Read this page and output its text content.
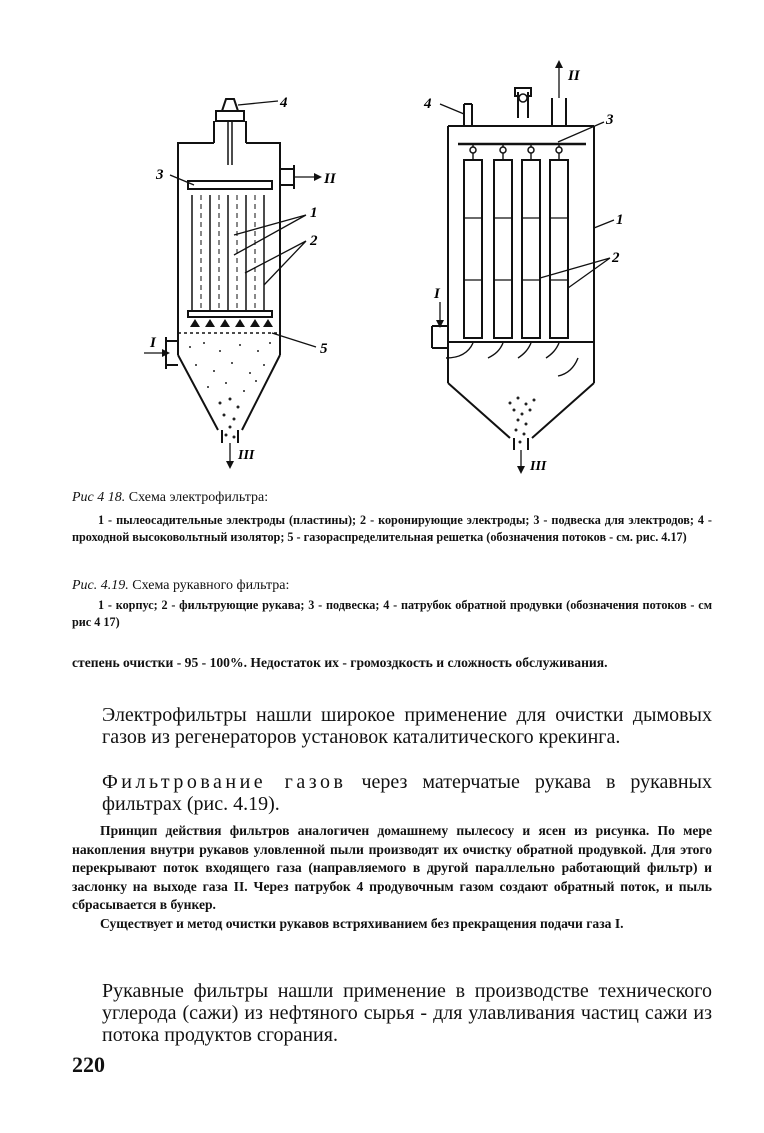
4
3
1
2
5
II
I
III
4
3
1
2
II
I
III
Рис 4 18. Схема электрофильтра:
1 - пылеосадительные электроды (пластины); 2 - коронирующие электроды; 3 - подвеска для электродов; 4 - проходной высоковольтный изолятор; 5 - газораспределительная решетка (обозначения потоков - см. рис. 4.17)
Рис. 4.19. Схема рукавного фильтра:
1 - корпус; 2 - фильтрующие рукава; 3 - подвеска; 4 - патрубок обратной продувки (обозначения потоков - см рис 4 17)
степень очистки - 95 - 100%. Недостаток их - громоздкость и сложность обслуживания.
Электрофильтры нашли широкое применение для очистки дымовых газов из регенераторов установок каталитического крекинга.
Фильтрование газов через матерчатые рукава в рукавных фильтрах (рис. 4.19).

Принцип действия фильтров аналогичен домашнему пылесосу и ясен из рисунка. По мере накопления внутри рукавов уловленной пыли производят их очистку обратной продувкой. Для этого перекрывают поток входящего газа (направляемого в другой параллельно работающий фильтр) и заслонку на выходе газа II. Через патрубок 4 продувочным газом создают обратный поток, и пыль сбрасывается в бункер.

Существует и метод очистки рукавов встряхиванием без прекращения подачи газа I.

Рукавные фильтры нашли применение в производстве технического углерода (сажи) из нефтяного сырья - для улавливания частиц сажи из потока продуктов сгорания.
220
